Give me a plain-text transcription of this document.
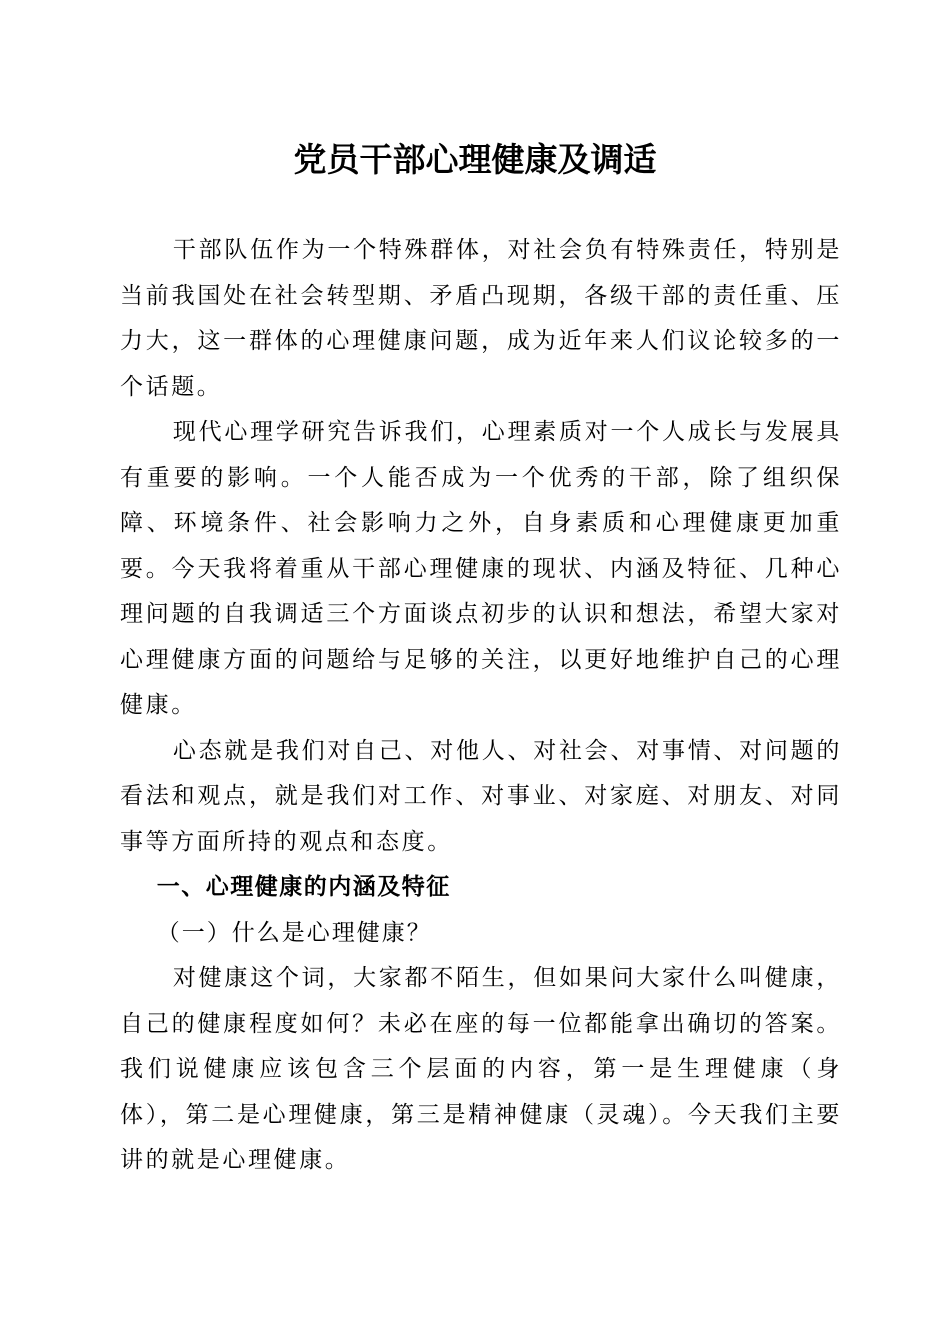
党员干部心理健康及调适

干部队伍作为一个特殊群体，对社会负有特殊责任，特别是当前我国处在社会转型期、矛盾凸现期，各级干部的责任重、压力大，这一群体的心理健康问题，成为近年来人们议论较多的一个话题。

现代心理学研究告诉我们，心理素质对一个人成长与发展具有重要的影响。一个人能否成为一个优秀的干部，除了组织保障、环境条件、社会影响力之外，自身素质和心理健康更加重要。今天我将着重从干部心理健康的现状、内涵及特征、几种心理问题的自我调适三个方面谈点初步的认识和想法，希望大家对心理健康方面的问题给与足够的关注，以更好地维护自己的心理健康。

心态就是我们对自己、对他人、对社会、对事情、对问题的看法和观点，就是我们对工作、对事业、对家庭、对朋友、对同事等方面所持的观点和态度。

一、心理健康的内涵及特征

（一）什么是心理健康？

对健康这个词，大家都不陌生，但如果问大家什么叫健康，自己的健康程度如何？未必在座的每一位都能拿出确切的答案。我们说健康应该包含三个层面的内容，第一是生理健康（身体），第二是心理健康，第三是精神健康（灵魂）。今天我们主要讲的就是心理健康。
